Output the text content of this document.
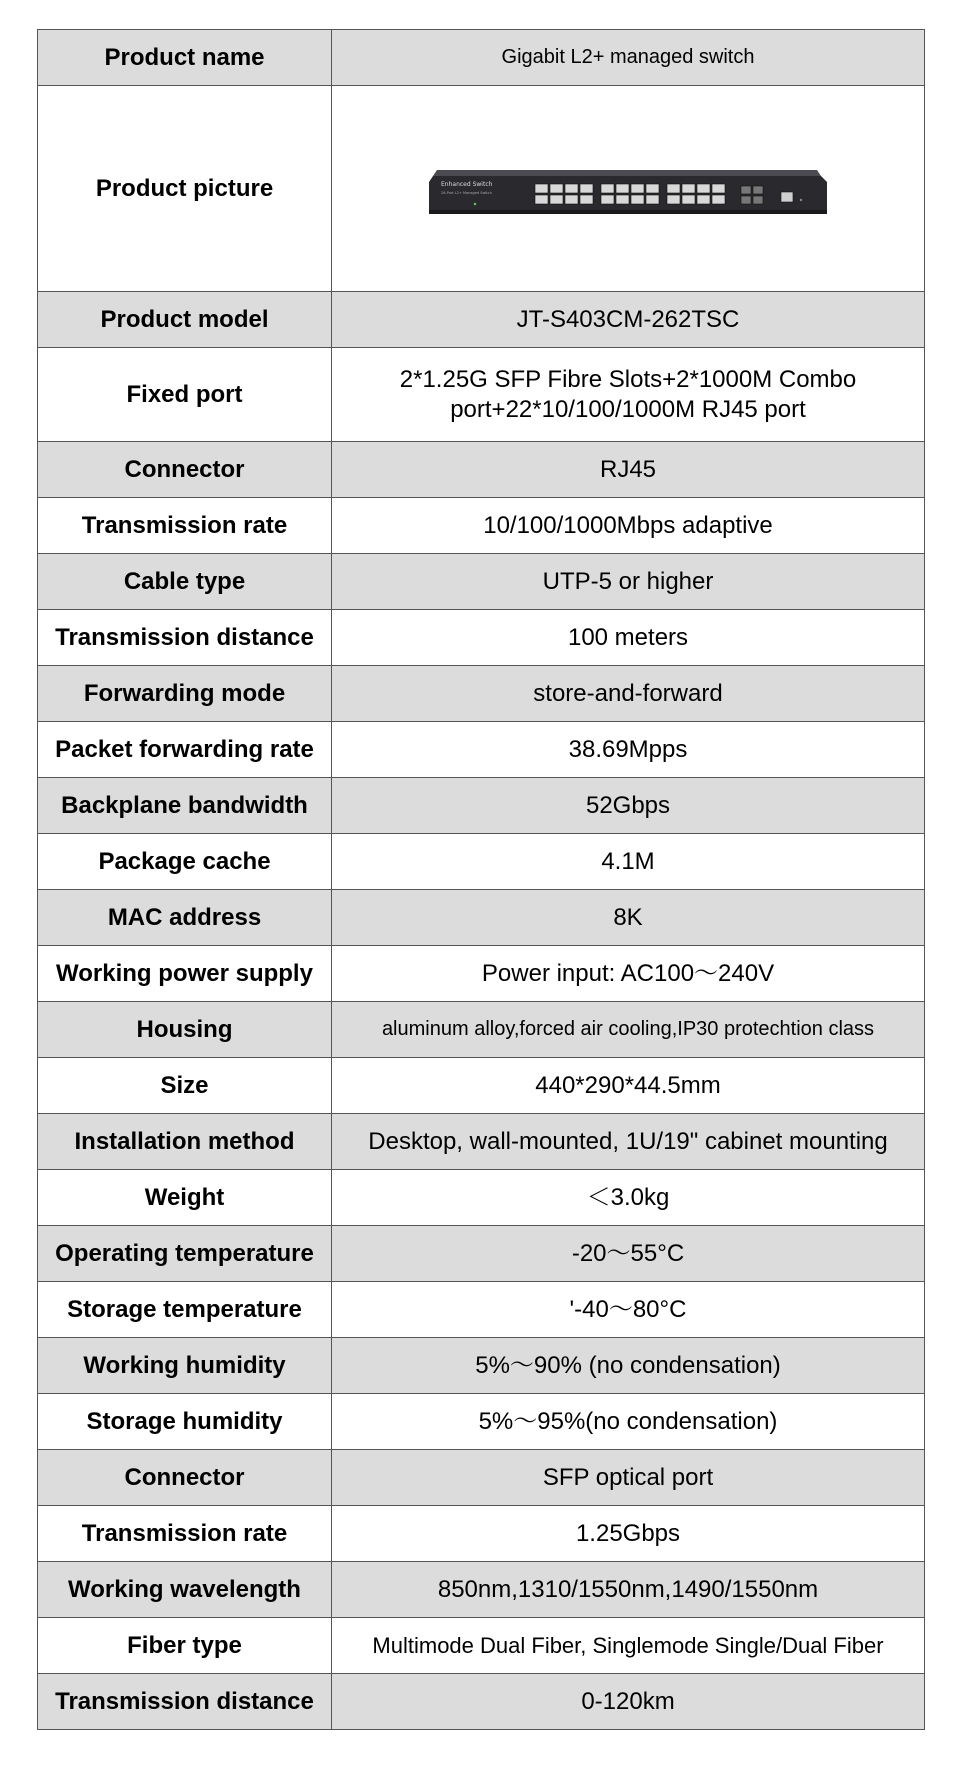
Product name	Gigabit L2+ managed switch
Product picture	Enhanced Switch
26-Port L2+ Managed Switch

Product model	JT-S403CM-262TSC
Fixed port	2*1.25G SFP Fibre Slots+2*1000M Combo port+22*10/100/1000M RJ45 port
Connector	RJ45
Transmission rate	10/100/1000Mbps adaptive
Cable type	UTP-5 or higher
Transmission distance	100 meters
Forwarding mode	store-and-forward
Packet forwarding rate	38.69Mpps
Backplane bandwidth	52Gbps
Package cache	4.1M
MAC address	8K
Working power supply	Power input: AC100～240V
Housing	aluminum alloy,forced air cooling,IP30 protechtion class
Size	440*290*44.5mm
Installation method	Desktop, wall-mounted, 1U/19" cabinet mounting
Weight	＜3.0kg
Operating temperature	-20～55°C
Storage temperature	'-40～80°C
Working humidity	5%～90% (no condensation)
Storage humidity	5%～95%(no condensation)
Connector	SFP optical port
Transmission rate	1.25Gbps
Working wavelength	850nm,1310/1550nm,1490/1550nm
Fiber type	Multimode Dual Fiber, Singlemode Single/Dual Fiber
Transmission distance	0-120km
